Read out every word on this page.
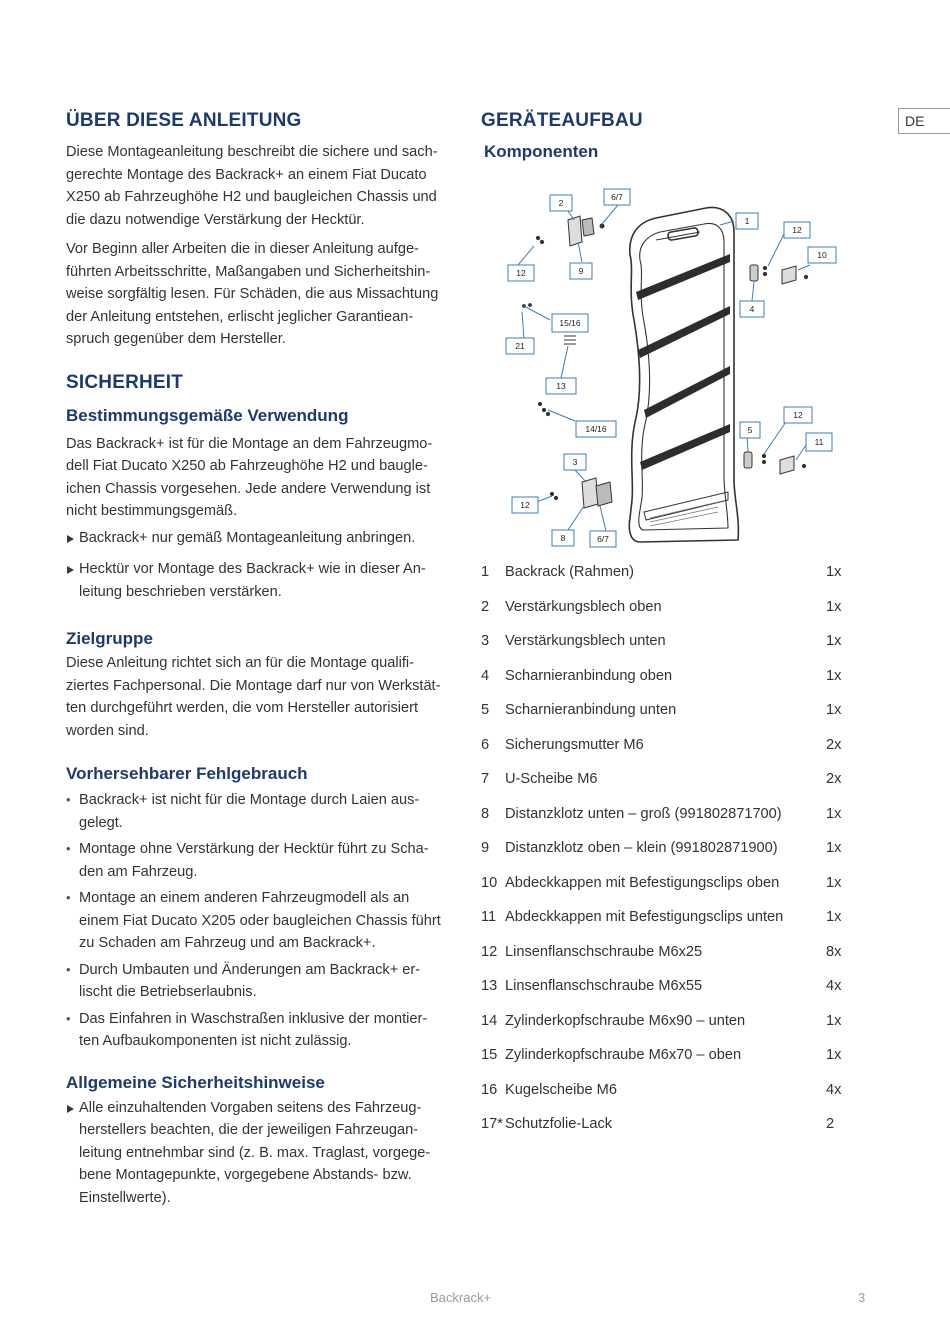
DE
ÜBER DIESE ANLEITUNG

Diese Montageanleitung beschreibt die sichere und sach-

gerechte Montage des Backrack+ an einem Fiat Ducato

X250 ab Fahrzeughöhe H2 und baugleichen Chassis und

die dazu notwendige Verstärkung der Hecktür.

Vor Beginn aller Arbeiten die in dieser Anleitung aufge-

führten Arbeitsschritte, Maßangaben und Sicherheitshin-

weise sorgfältig lesen. Für Schäden, die aus Missachtung

der Anleitung entstehen, erlischt jeglicher Garantiean-

spruch gegenüber dem Hersteller.

SICHERHEIT
Bestimmungsgemäße Verwendung

Das Backrack+ ist für die Montage an dem Fahrzeugmo-

dell Fiat Ducato X250 ab Fahrzeughöhe H2 und baugle-

ichen Chassis vorgesehen. Jede andere Verwendung ist

nicht bestimmungsgemäß.

Backrack+ nur gemäß Montageanleitung anbringen.
Hecktür vor Montage des Backrack+ wie in dieser An-
leitung beschrieben verstärken.
Zielgruppe

Diese Anleitung richtet sich an für die Montage qualifi-

ziertes Fachpersonal. Die Montage darf nur von Werkstät-

ten durchgeführt werden, die vom Hersteller autorisiert

worden sind.

Vorhersehbarer Fehlgebrauch
• Backrack+ ist nicht für die Montage durch Laien aus-
gelegt.
• Montage ohne Verstärkung der Hecktür führt zu Scha-
den am Fahrzeug.
• Montage an einem anderen Fahrzeugmodell als an
einem Fiat Ducato X205 oder baugleichen Chassis führt
zu Schaden am Fahrzeug und am Backrack+.
• Durch Umbauten und Änderungen am Backrack+ er-
lischt die Betriebserlaubnis.
• Das Einfahren in Waschstraßen inklusive der montier-
ten Aufbaukomponenten ist nicht zulässig.
Allgemeine Sicherheitshinweise
Alle einzuhaltenden Vorgaben seitens des Fahrzeug-
herstellers beachten, die der jeweiligen Fahrzeugan-
leitung entnehmbar sind (z. B. max. Traglast, vorgege-
bene Montagepunkte, vorgegebene Abstands- bzw.
Einstellwerte).
GERÄTEAUFBAU
Komponenten
2
6/7
1
12
10
12	9
4
15/16
21
13
14/16
12
5
11
3
12
8	6/7
1 Backrack (Rahmen)	1x
2 Verstärkungsblech oben	1x
3 Verstärkungsblech unten	1x
4 Scharnieranbindung oben	1x
5 Scharnieranbindung unten	1x
6 Sicherungsmutter M6	2x
7 U-Scheibe M6	2x
8 Distanzklotz unten – groß (991802871700)	1x
9 Distanzklotz oben – klein (991802871900)	1x
10 Abdeckkappen mit Befestigungsclips oben	1x
11 Abdeckkappen mit Befestigungsclips unten	1x
12 Linsenflanschschraube M6x25	8x
13 Linsenflanschschraube M6x55	4x
14 Zylinderkopfschraube M6x90 – unten	1x
15 Zylinderkopfschraube M6x70 – oben	1x
16 Kugelscheibe M6	4x
17* Schutzfolie-Lack	2
Backrack+	3
